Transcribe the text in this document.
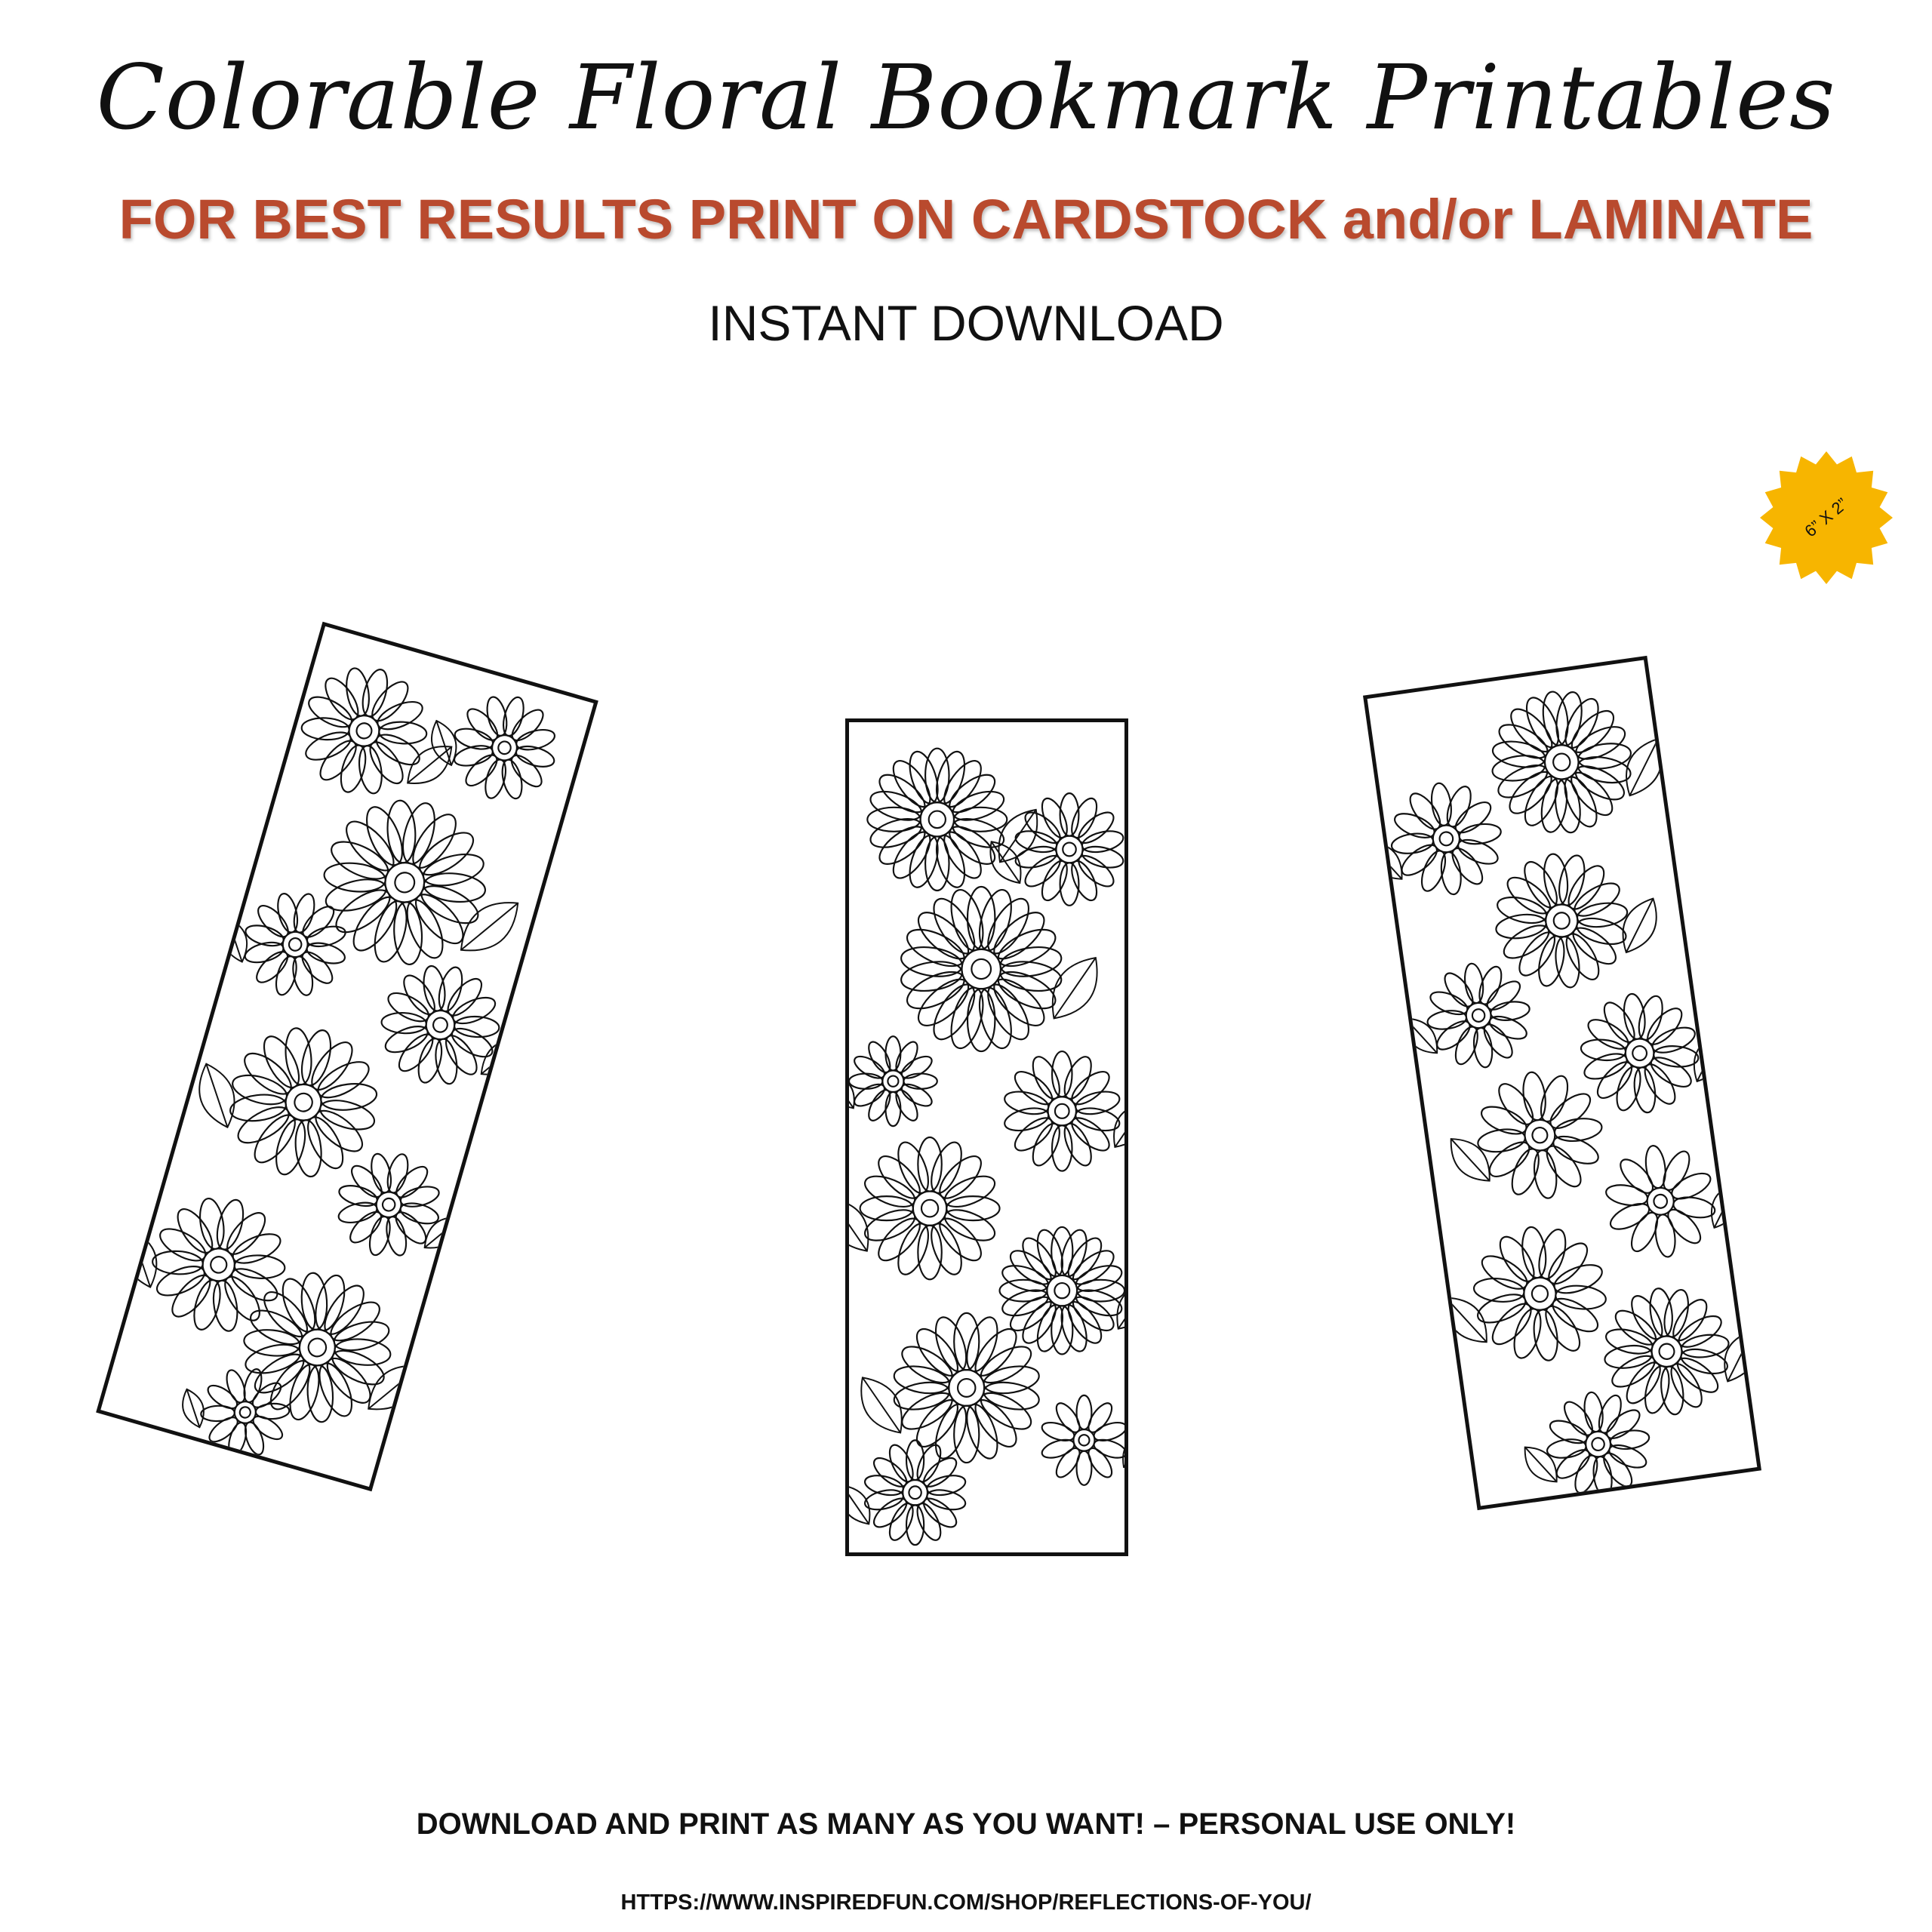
Colorable Floral Bookmark Printables
FOR BEST RESULTS PRINT ON CARDSTOCK and/or LAMINATE
INSTANT DOWNLOAD
6” X 2”
DOWNLOAD AND PRINT AS MANY AS YOU WANT! – PERSONAL USE ONLY!
HTTPS://WWW.INSPIREDFUN.COM/SHOP/REFLECTIONS-OF-YOU/
